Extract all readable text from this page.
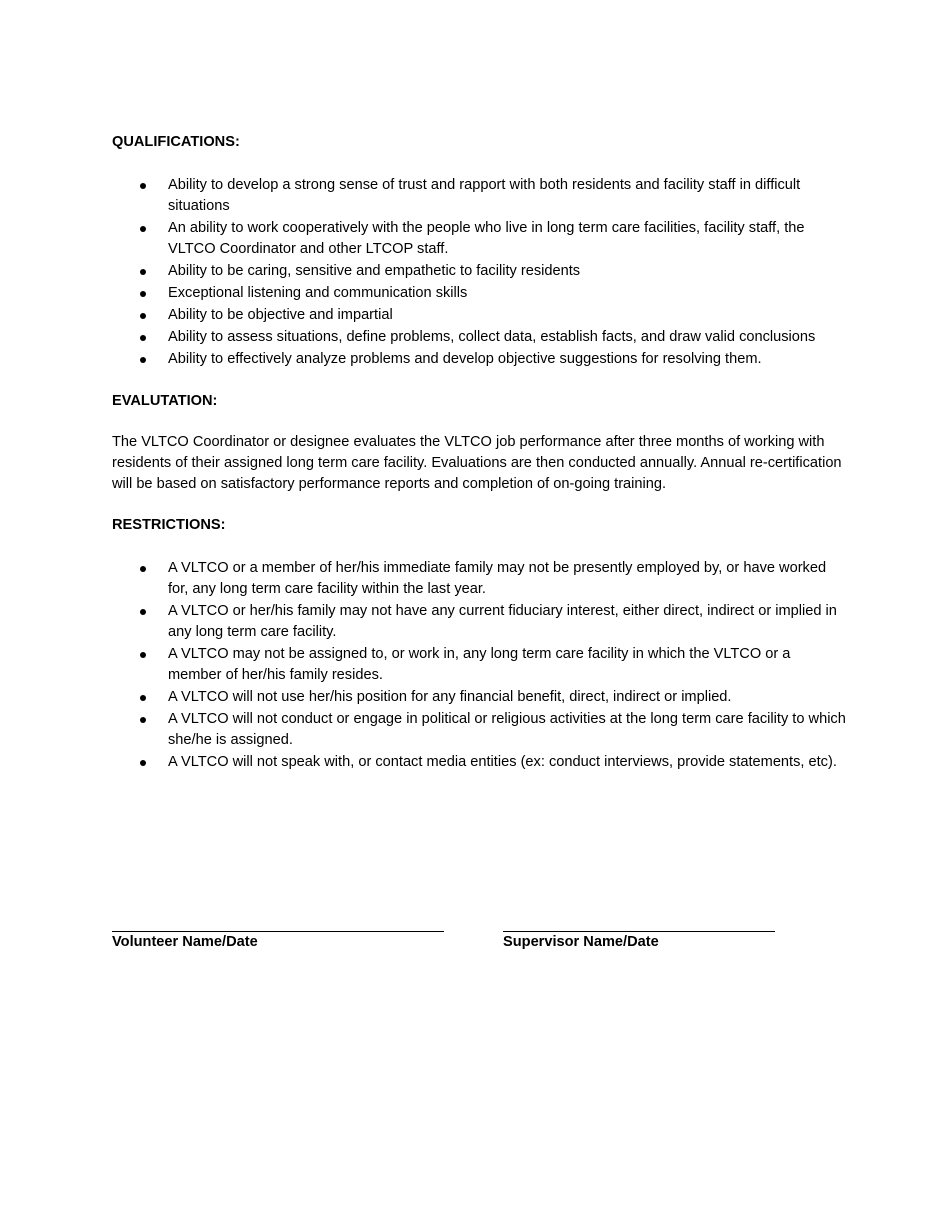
QUALIFICATIONS:
Ability to develop a strong sense of trust and rapport with both residents and facility staff in difficult situations
An ability to work cooperatively with the people who live in long term care facilities, facility staff, the VLTCO Coordinator and other LTCOP staff.
Ability to be caring, sensitive and empathetic to facility residents
Exceptional listening and communication skills
Ability to be objective and impartial
Ability to assess situations, define problems, collect data, establish facts, and draw valid conclusions
Ability to effectively analyze problems and develop objective suggestions for resolving them.
EVALUTATION:

The VLTCO Coordinator or designee evaluates the VLTCO job performance after three months of working with residents of their assigned long term care facility. Evaluations are then conducted annually. Annual re-certification will be based on satisfactory performance reports and completion of on-going training.

RESTRICTIONS:
A VLTCO or a member of her/his immediate family may not be presently employed by, or have worked for, any long term care facility within the last year.
A VLTCO or her/his family may not have any current fiduciary interest, either direct, indirect or implied in any long term care facility.
A VLTCO may not be assigned to, or work in, any long term care facility in which the VLTCO or a member of her/his family resides.
A VLTCO will not use her/his position for any financial benefit, direct, indirect or implied.
A VLTCO will not conduct or engage in political or religious activities at the long term care facility to which she/he is assigned.
A VLTCO will not speak with, or contact media entities (ex: conduct interviews, provide statements, etc).
Volunteer Name/Date	Supervisor Name/Date
